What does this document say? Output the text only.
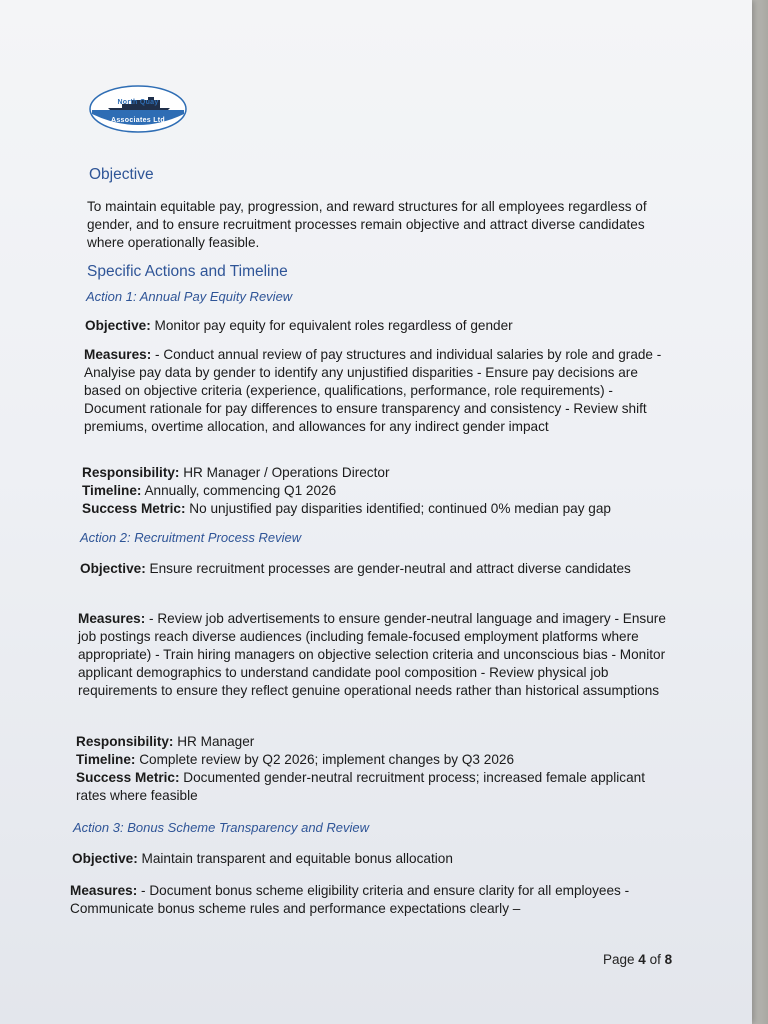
North Quay
Associates Ltd
Objective
To maintain equitable pay, progression, and reward structures for all employees regardless of gender, and to ensure recruitment processes remain objective and attract diverse candidates where operationally feasible.
Specific Actions and Timeline
Action 1: Annual Pay Equity Review
Objective: Monitor pay equity for equivalent roles regardless of gender
Measures: - Conduct annual review of pay structures and individual salaries by role and grade - Analyise pay data by gender to identify any unjustified disparities - Ensure pay decisions are based on objective criteria (experience, qualifications, performance, role requirements) - Document rationale for pay differences to ensure transparency and consistency - Review shift premiums, overtime allocation, and allowances for any indirect gender impact
Responsibility: HR Manager / Operations Director
Timeline: Annually, commencing Q1 2026
Success Metric: No unjustified pay disparities identified; continued 0% median pay gap
Action 2: Recruitment Process Review
Objective: Ensure recruitment processes are gender-neutral and attract diverse candidates
Measures: - Review job advertisements to ensure gender-neutral language and imagery - Ensure job postings reach diverse audiences (including female-focused employment platforms where appropriate) - Train hiring managers on objective selection criteria and unconscious bias - Monitor applicant demographics to understand candidate pool composition - Review physical job requirements to ensure they reflect genuine operational needs rather than historical assumptions
Responsibility: HR Manager
Timeline: Complete review by Q2 2026; implement changes by Q3 2026
Success Metric: Documented gender-neutral recruitment process; increased female applicant rates where feasible
Action 3: Bonus Scheme Transparency and Review
Objective: Maintain transparent and equitable bonus allocation
Measures: - Document bonus scheme eligibility criteria and ensure clarity for all employees - Communicate bonus scheme rules and performance expectations clearly –
Page 4 of 8
